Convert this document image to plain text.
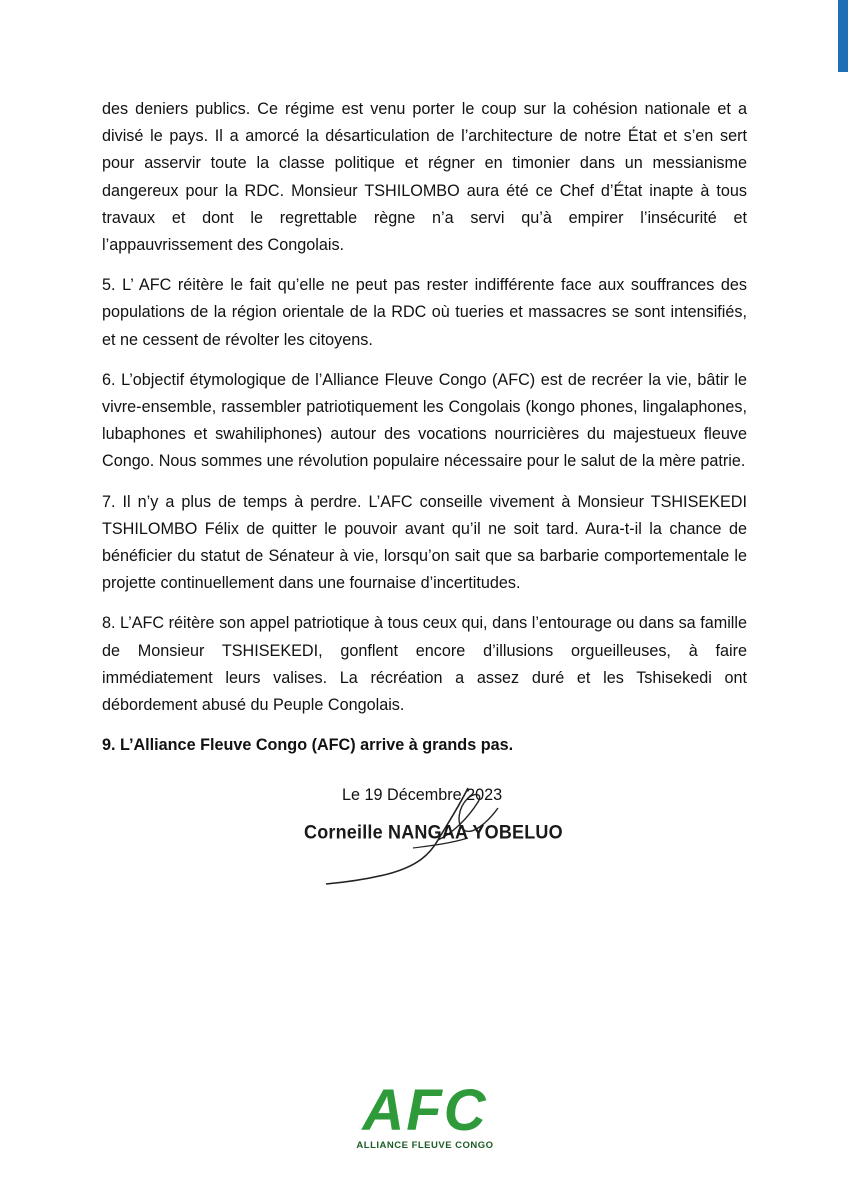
des deniers publics. Ce régime est venu porter le coup sur la cohésion nationale et a divisé le pays. Il a amorcé la désarticulation de l’architecture de notre État et s’en sert pour asservir toute la classe politique et régner en timonier dans un messianisme dangereux pour la RDC. Monsieur TSHILOMBO aura été ce Chef d’État inapte à tous travaux et dont le regrettable règne n’a servi qu’à empirer l’insécurité et l’appauvrissement des Congolais.

5. L’ AFC réitère le fait qu’elle ne peut pas rester indifférente face aux souffrances des populations de la région orientale de la RDC où tueries et massacres se sont intensifiés, et ne cessent de révolter les citoyens.

6. L’objectif étymologique de l’Alliance Fleuve Congo (AFC) est de recréer la vie, bâtir le vivre-ensemble, rassembler patriotiquement les Congolais (kongo phones, lingalaphones, lubaphones et swahiliphones) autour des vocations nourricières du majestueux fleuve Congo. Nous sommes une révolution populaire nécessaire pour le salut de la mère patrie.

7. Il n’y a plus de temps à perdre. L’AFC conseille vivement à Monsieur TSHISEKEDI TSHILOMBO Félix de quitter le pouvoir avant qu’il ne soit tard. Aura-t-il la chance de bénéficier du statut de Sénateur à vie, lorsqu’on sait que sa barbarie comportementale le projette continuellement dans une fournaise d’incertitudes.

8. L’AFC réitère son appel patriotique à tous ceux qui, dans l’entourage ou dans sa famille de Monsieur TSHISEKEDI, gonflent encore d’illusions orgueilleuses, à faire immédiatement leurs valises. La récréation a assez duré et les Tshisekedi ont débordement abusé du Peuple Congolais.

9. L’Alliance Fleuve Congo (AFC) arrive à grands pas.

Le 19 Décembre 2023
Corneille NANGAA YOBELUO
AFC
ALLIANCE FLEUVE CONGO
